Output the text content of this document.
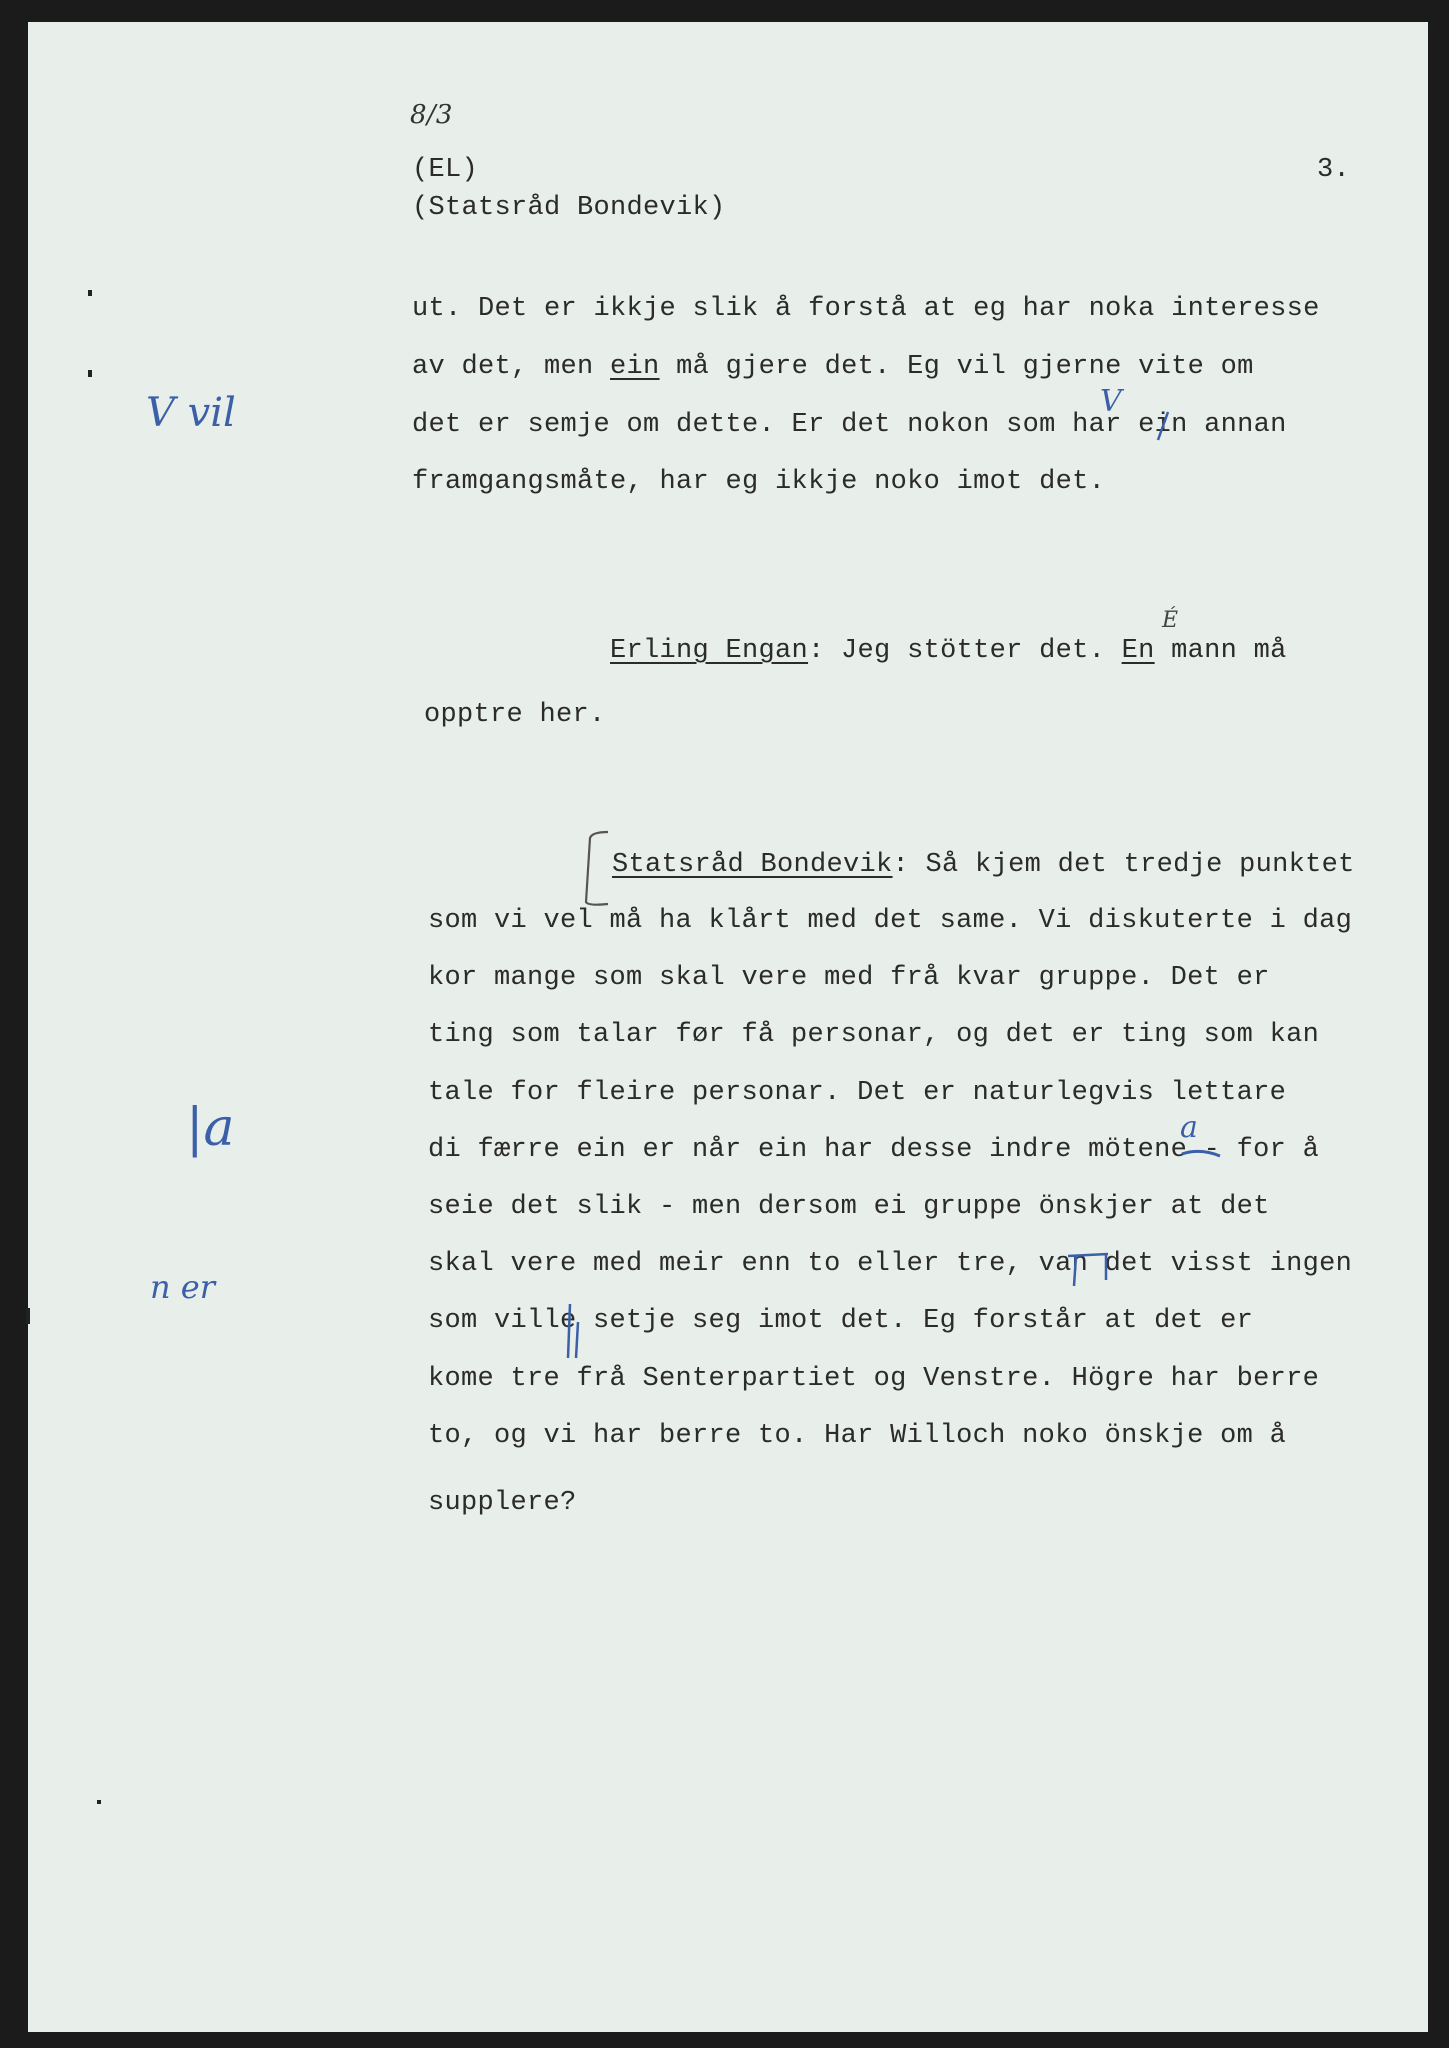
8/3
(EL)
(Statsråd Bondevik)
3.
ut. Det er ikkje slik å forstå at eg har noka interesse
av det, men ein må gjere det. Eg vil gjerne vite om
det er semje om dette. Er det nokon som har ein annan
framgangsmåte, har eg ikkje noko imot det.
Erling Engan: Jeg stötter det. En mann må
opptre her.
Statsråd Bondevik: Så kjem det tredje punktet
som vi vel må ha klårt med det same. Vi diskuterte i dag
kor mange som skal vere med frå kvar gruppe. Det er
ting som talar før få personar, og det er ting som kan
tale for fleire personar. Det er naturlegvis lettare
di færre ein er når ein har desse indre mötene - for å
seie det slik - men dersom ei gruppe önskjer at det
skal vere med meir enn to eller tre, van det visst ingen
som ville setje seg imot det. Eg forstår at det er
kome tre frå Senterpartiet og Venstre. Högre har berre
to, og vi har berre to. Har Willoch noko önskje om å
supplere?
V vil
|a
n er
V
a
É
